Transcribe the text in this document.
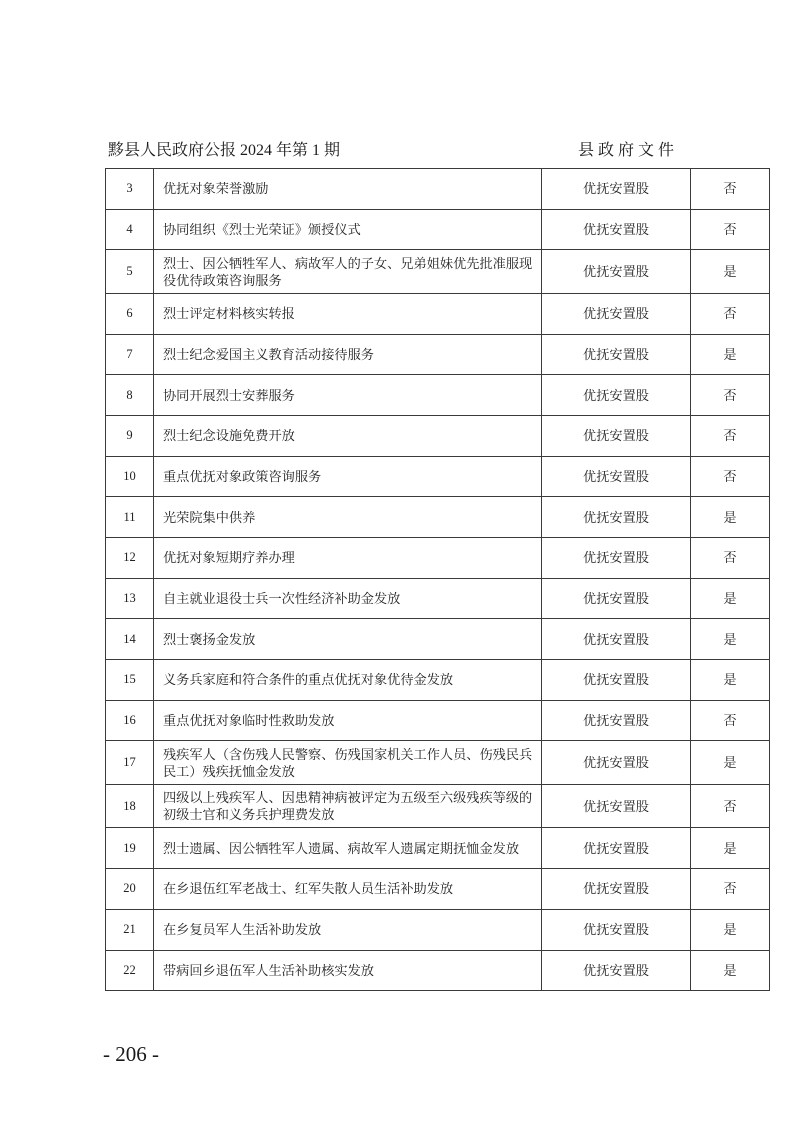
黟县人民政府公报 2024 年第 1 期	县 政 府 文 件
3	优抚对象荣誉激励	优抚安置股	否
4	协同组织《烈士光荣证》颁授仪式	优抚安置股	否
5	烈士、因公牺牲军人、病故军人的子女、兄弟姐妹优先批准服现役优待政策咨询服务	优抚安置股	是
6	烈士评定材料核实转报	优抚安置股	否
7	烈士纪念爱国主义教育活动接待服务	优抚安置股	是
8	协同开展烈士安葬服务	优抚安置股	否
9	烈士纪念设施免费开放	优抚安置股	否
10	重点优抚对象政策咨询服务	优抚安置股	否
11	光荣院集中供养	优抚安置股	是
12	优抚对象短期疗养办理	优抚安置股	否
13	自主就业退役士兵一次性经济补助金发放	优抚安置股	是
14	烈士褒扬金发放	优抚安置股	是
15	义务兵家庭和符合条件的重点优抚对象优待金发放	优抚安置股	是
16	重点优抚对象临时性救助发放	优抚安置股	否
17	残疾军人（含伤残人民警察、伤残国家机关工作人员、伤残民兵民工）残疾抚恤金发放	优抚安置股	是
18	四级以上残疾军人、因患精神病被评定为五级至六级残疾等级的初级士官和义务兵护理费发放	优抚安置股	否
19	烈士遗属、因公牺牲军人遗属、病故军人遗属定期抚恤金发放	优抚安置股	是
20	在乡退伍红军老战士、红军失散人员生活补助发放	优抚安置股	否
21	在乡复员军人生活补助发放	优抚安置股	是
22	带病回乡退伍军人生活补助核实发放	优抚安置股	是
- 206 -
